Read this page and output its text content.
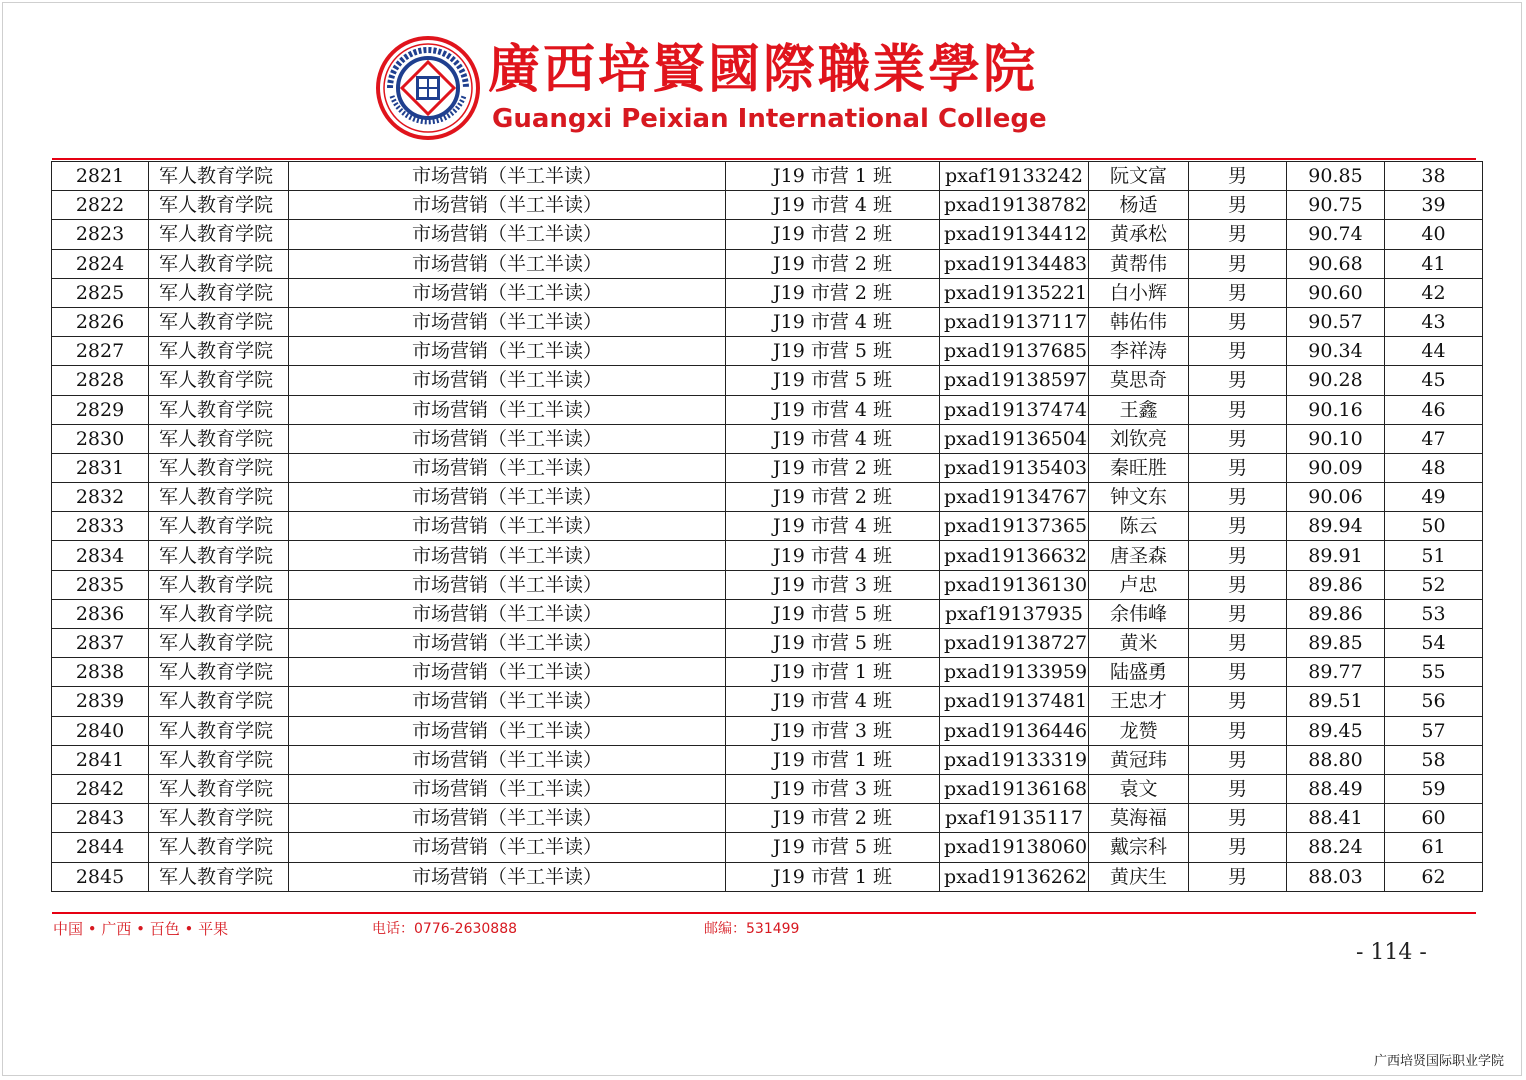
廣西培賢國際職業學院
Guangxi Peixian International College
2821	军人教育学院	市场营销（半工半读）	J19 市营 1 班	pxaf19133242	阮文富	男	90.85	38
2822	军人教育学院	市场营销（半工半读）	J19 市营 4 班	pxad19138782	杨适	男	90.75	39
2823	军人教育学院	市场营销（半工半读）	J19 市营 2 班	pxad19134412	黄承松	男	90.74	40
2824	军人教育学院	市场营销（半工半读）	J19 市营 2 班	pxad19134483	黄帮伟	男	90.68	41
2825	军人教育学院	市场营销（半工半读）	J19 市营 2 班	pxad19135221	白小辉	男	90.60	42
2826	军人教育学院	市场营销（半工半读）	J19 市营 4 班	pxad19137117	韩佑伟	男	90.57	43
2827	军人教育学院	市场营销（半工半读）	J19 市营 5 班	pxad19137685	李祥涛	男	90.34	44
2828	军人教育学院	市场营销（半工半读）	J19 市营 5 班	pxad19138597	莫思奇	男	90.28	45
2829	军人教育学院	市场营销（半工半读）	J19 市营 4 班	pxad19137474	王鑫	男	90.16	46
2830	军人教育学院	市场营销（半工半读）	J19 市营 4 班	pxad19136504	刘钦亮	男	90.10	47
2831	军人教育学院	市场营销（半工半读）	J19 市营 2 班	pxad19135403	秦旺胜	男	90.09	48
2832	军人教育学院	市场营销（半工半读）	J19 市营 2 班	pxad19134767	钟文东	男	90.06	49
2833	军人教育学院	市场营销（半工半读）	J19 市营 4 班	pxad19137365	陈云	男	89.94	50
2834	军人教育学院	市场营销（半工半读）	J19 市营 4 班	pxad19136632	唐圣森	男	89.91	51
2835	军人教育学院	市场营销（半工半读）	J19 市营 3 班	pxad19136130	卢忠	男	89.86	52
2836	军人教育学院	市场营销（半工半读）	J19 市营 5 班	pxaf19137935	余伟峰	男	89.86	53
2837	军人教育学院	市场营销（半工半读）	J19 市营 5 班	pxad19138727	黄米	男	89.85	54
2838	军人教育学院	市场营销（半工半读）	J19 市营 1 班	pxad19133959	陆盛勇	男	89.77	55
2839	军人教育学院	市场营销（半工半读）	J19 市营 4 班	pxad19137481	王忠才	男	89.51	56
2840	军人教育学院	市场营销（半工半读）	J19 市营 3 班	pxad19136446	龙赞	男	89.45	57
2841	军人教育学院	市场营销（半工半读）	J19 市营 1 班	pxad19133319	黄冠玮	男	88.80	58
2842	军人教育学院	市场营销（半工半读）	J19 市营 3 班	pxad19136168	袁文	男	88.49	59
2843	军人教育学院	市场营销（半工半读）	J19 市营 2 班	pxaf19135117	莫海福	男	88.41	60
2844	军人教育学院	市场营销（半工半读）	J19 市营 5 班	pxad19138060	戴宗科	男	88.24	61
2845	军人教育学院	市场营销（半工半读）	J19 市营 1 班	pxad19136262	黄庆生	男	88.03	62
中国 • 广西 • 百色 • 平果	电话：0776-2630888	邮编：531499
- 114 -
广西培贤国际职业学院
